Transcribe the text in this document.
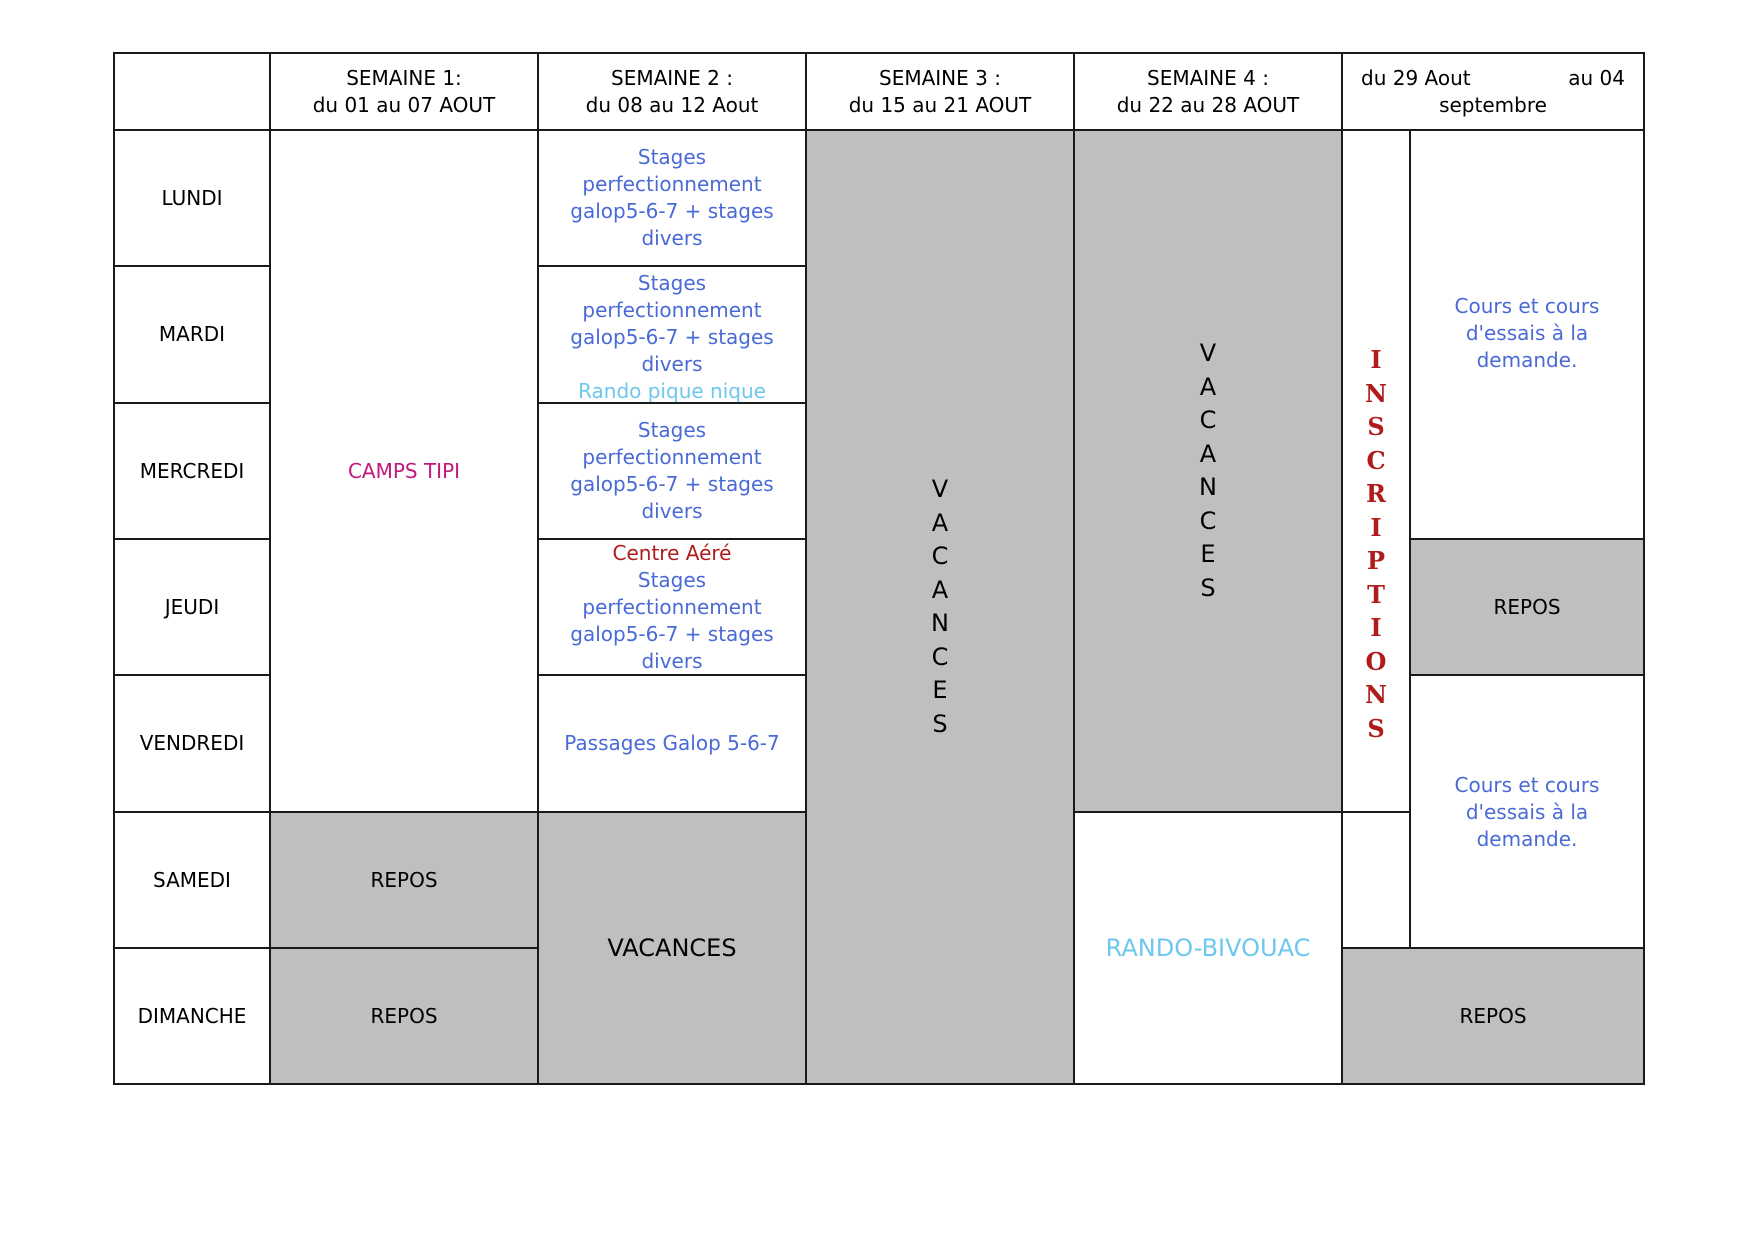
SEMAINE 1:
du 01 au 07 AOUT
SEMAINE 2 :
du 08 au 12 Aout
SEMAINE 3 :
du 15 au 21 AOUT
SEMAINE 4 :
du 22 au 28 AOUT
du 29 Aout	au 04
septembre
LUNDI
MARDI
MERCREDI
JEUDI
VENDREDI
SAMEDI
DIMANCHE
CAMPS TIPI
REPOS
REPOS
Stages
perfectionnement
galop5-6-7 + stages
divers
Stages
perfectionnement
galop5-6-7 + stages
divers
Rando pique nique
Stages
perfectionnement
galop5-6-7 + stages
divers
Centre Aéré
Stages
perfectionnement
galop5-6-7 + stages
divers
Passages Galop 5-6-7
VACANCES
V
A
C
A
N
C
E
S
V
A
C
A
N
C
E
S
RANDO-BIVOUAC
I
N
S
C
R
I
P
T
I
O
N
S
Cours et cours
d'essais à la
demande.
REPOS
Cours et cours
d'essais à la
demande.
REPOS
